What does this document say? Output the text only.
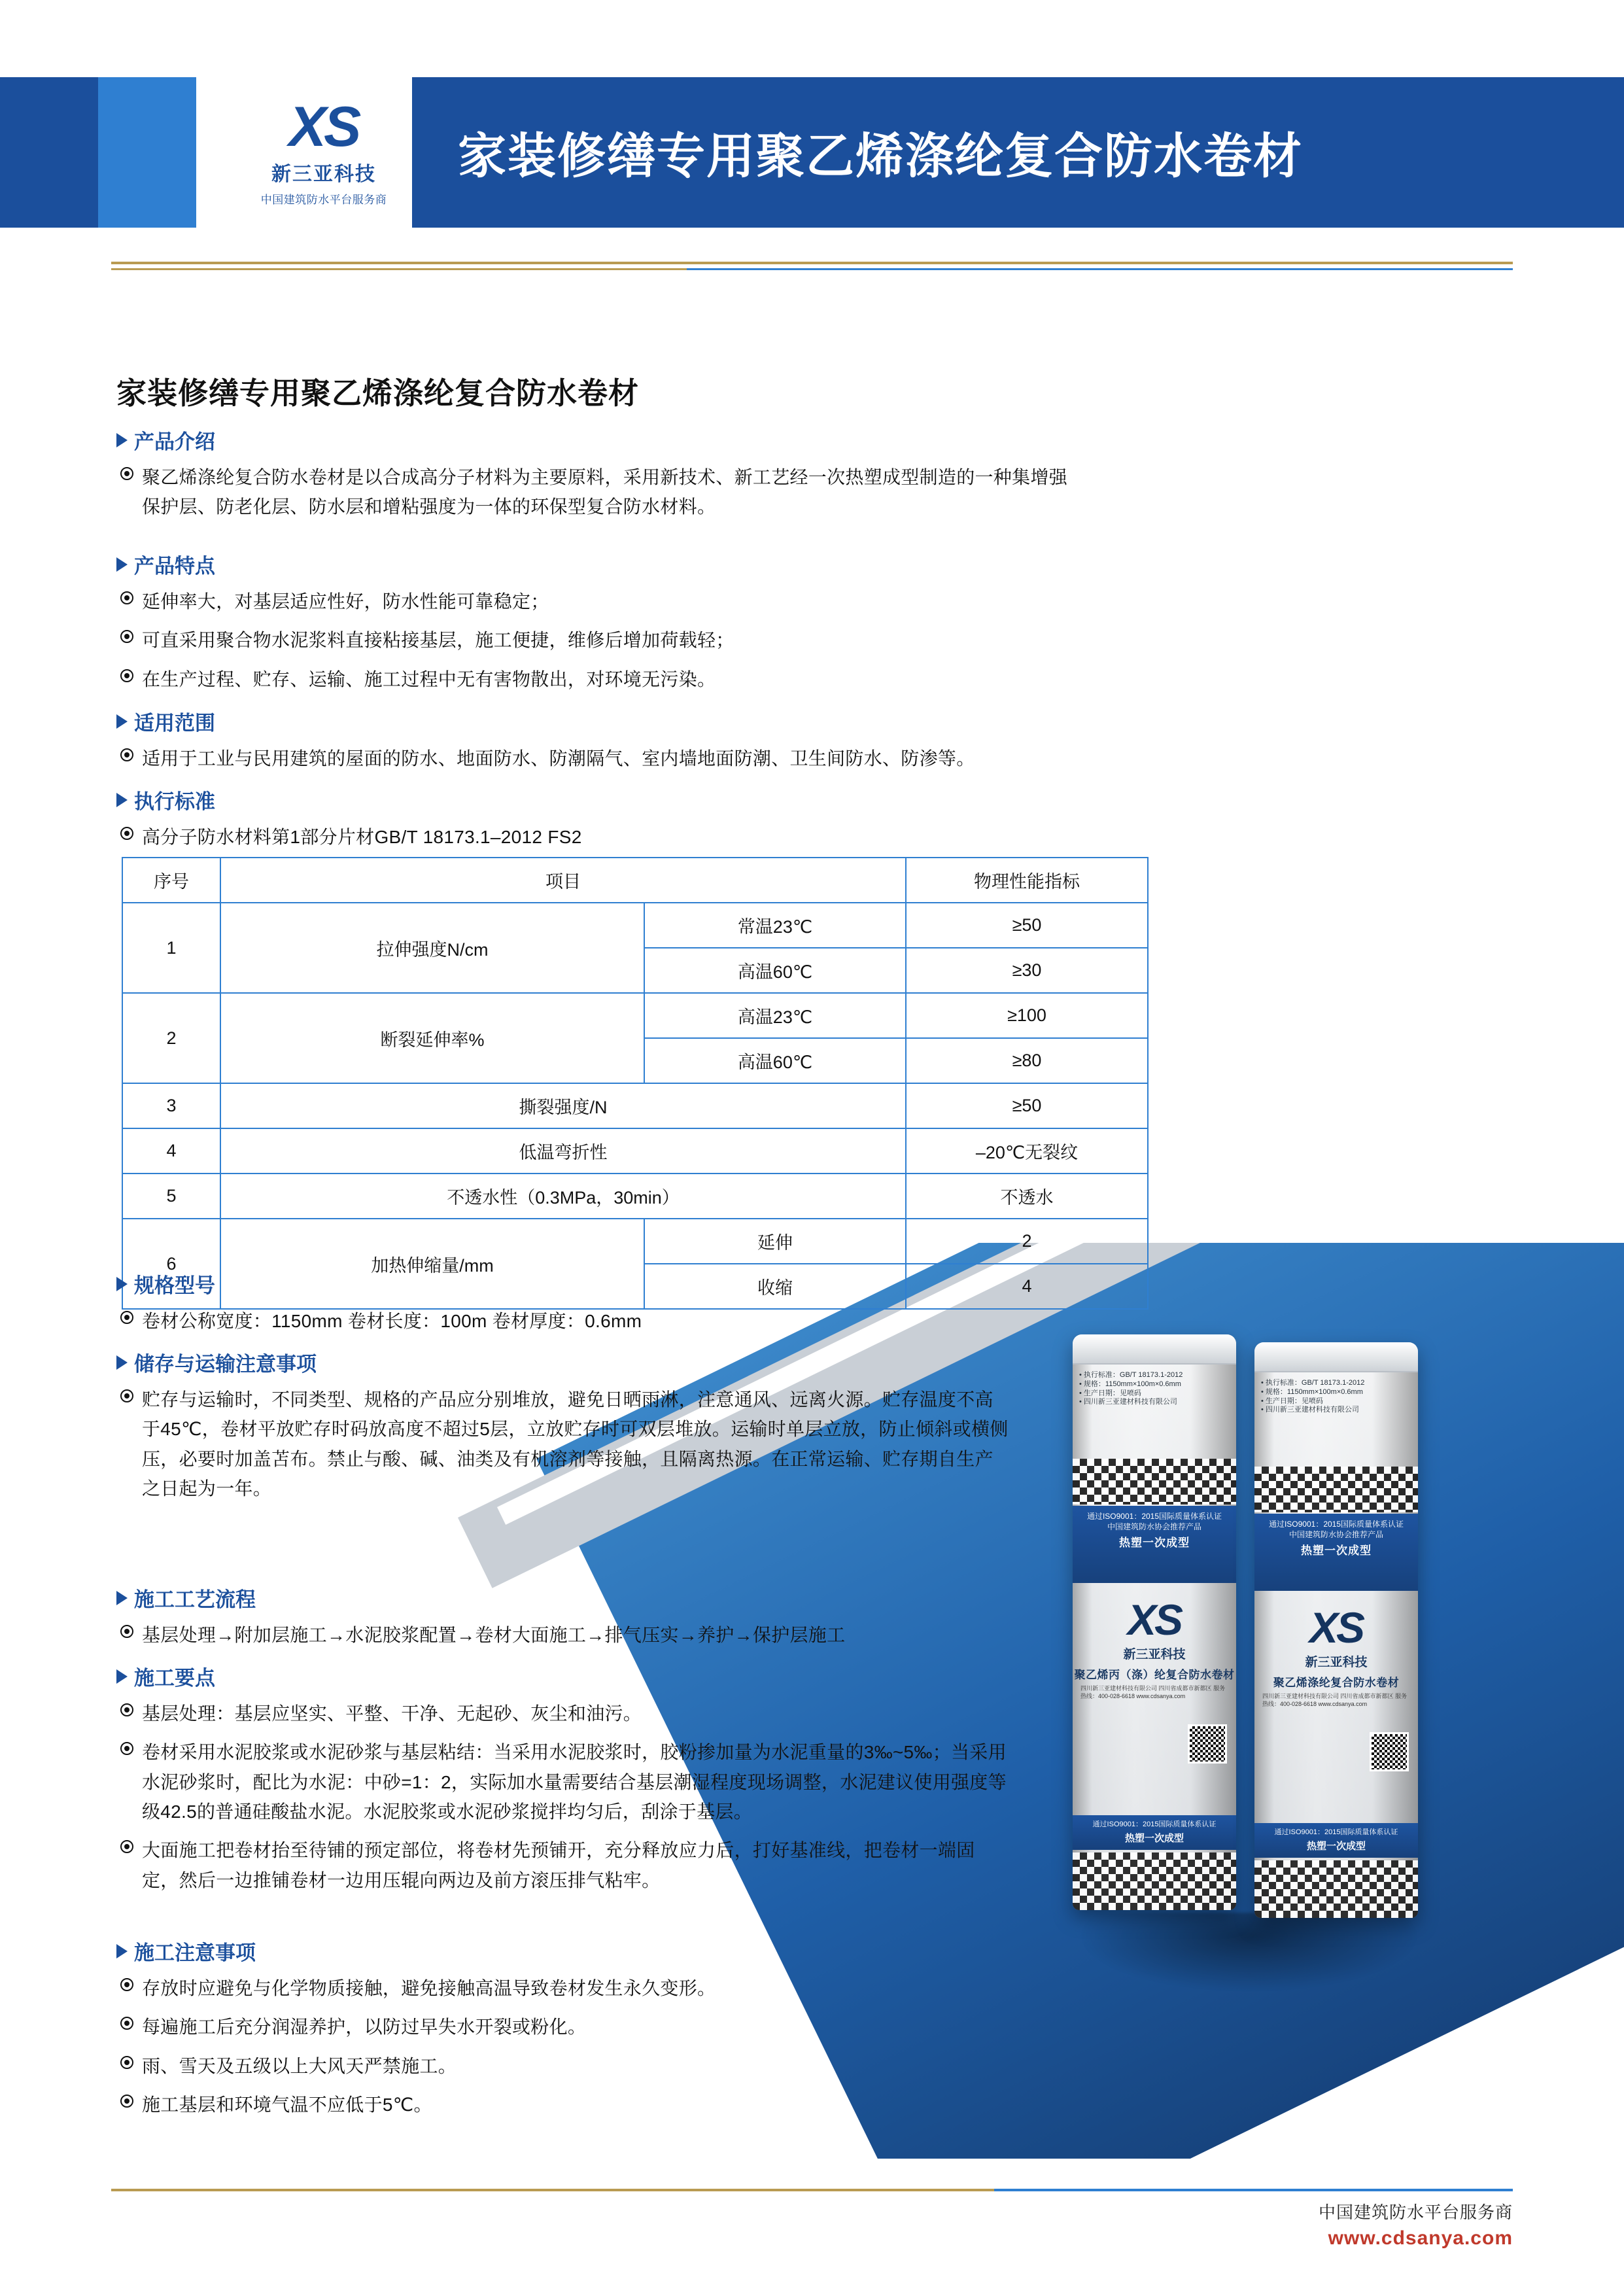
XS
新三亚科技
中国建筑防水平台服务商
家装修缮专用聚乙烯涤纶复合防水卷材
• 执行标准：GB/T 18173.1-2012
• 规格：1150mm×100m×0.6mm
• 生产日期：见喷码
• 四川新三亚建材科技有限公司
通过ISO9001：2015国际质量体系认证
中国建筑防水协会推荐产品
热塑一次成型
XS
新三亚科技
聚乙烯丙（涤）纶复合防水卷材
四川新三亚建材科技有限公司 四川省成都市新都区 服务热线：400-028-6618 www.cdsanya.com
通过ISO9001：2015国际质量体系认证
热塑一次成型
• 执行标准：GB/T 18173.1-2012
• 规格：1150mm×100m×0.6mm
• 生产日期：见喷码
• 四川新三亚建材科技有限公司
通过ISO9001：2015国际质量体系认证
中国建筑防水协会推荐产品
热塑一次成型
XS
新三亚科技
聚乙烯涤纶复合防水卷材
四川新三亚建材科技有限公司 四川省成都市新都区 服务热线：400-028-6618 www.cdsanya.com
通过ISO9001：2015国际质量体系认证
热塑一次成型
家装修缮专用聚乙烯涤纶复合防水卷材
产品介绍
聚乙烯涤纶复合防水卷材是以合成高分子材料为主要原料，采用新技术、新工艺经一次热塑成型制造的一种集增强保护层、防老化层、防水层和增粘强度为一体的环保型复合防水材料。
产品特点
延伸率大，对基层适应性好，防水性能可靠稳定；
可直采用聚合物水泥浆料直接粘接基层，施工便捷，维修后增加荷载轻；
在生产过程、贮存、运输、施工过程中无有害物散出，对环境无污染。
适用范围
适用于工业与民用建筑的屋面的防水、地面防水、防潮隔气、室内墙地面防潮、卫生间防水、防渗等。
执行标准
高分子防水材料第1部分片材GB/T 18173.1–2012 FS2
序号	项目		物理性能指标
1	拉伸强度N/cm	常温23℃	≥50
		高温60℃	≥30
2	断裂延伸率%	高温23℃	≥100
		高温60℃	≥80
3	撕裂强度/N		≥50
4	低温弯折性		–20℃无裂纹
5	不透水性（0.3MPa，30min）		不透水
6	加热伸缩量/mm	延伸	2
		收缩	4
规格型号
卷材公称宽度：1150mm 卷材长度：100m 卷材厚度：0.6mm
储存与运输注意事项
贮存与运输时，不同类型、规格的产品应分别堆放，避免日晒雨淋，注意通风、远离火源。贮存温度不高于45℃，卷材平放贮存时码放高度不超过5层，立放贮存时可双层堆放。运输时单层立放，防止倾斜或横侧压，必要时加盖苫布。禁止与酸、碱、油类及有机溶剂等接触，且隔离热源。在正常运输、贮存期自生产之日起为一年。
施工工艺流程
基层处理→附加层施工→水泥胶浆配置→卷材大面施工→排气压实→养护→保护层施工
施工要点
基层处理：基层应坚实、平整、干净、无起砂、灰尘和油污。
卷材采用水泥胶浆或水泥砂浆与基层粘结：当采用水泥胶浆时，胶粉掺加量为水泥重量的3‰~5‰；当采用水泥砂浆时，配比为水泥：中砂=1：2，实际加水量需要结合基层潮湿程度现场调整，水泥建议使用强度等级42.5的普通硅酸盐水泥。水泥胶浆或水泥砂浆搅拌均匀后，刮涂于基层。
大面施工把卷材抬至待铺的预定部位，将卷材先预铺开，充分释放应力后，打好基准线，把卷材一端固定，然后一边推铺卷材一边用压辊向两边及前方滚压排气粘牢。
施工注意事项
存放时应避免与化学物质接触，避免接触高温导致卷材发生永久变形。
每遍施工后充分润湿养护，以防过早失水开裂或粉化。
雨、雪天及五级以上大风天严禁施工。
施工基层和环境气温不应低于5℃。
中国建筑防水平台服务商
www.cdsanya.com
